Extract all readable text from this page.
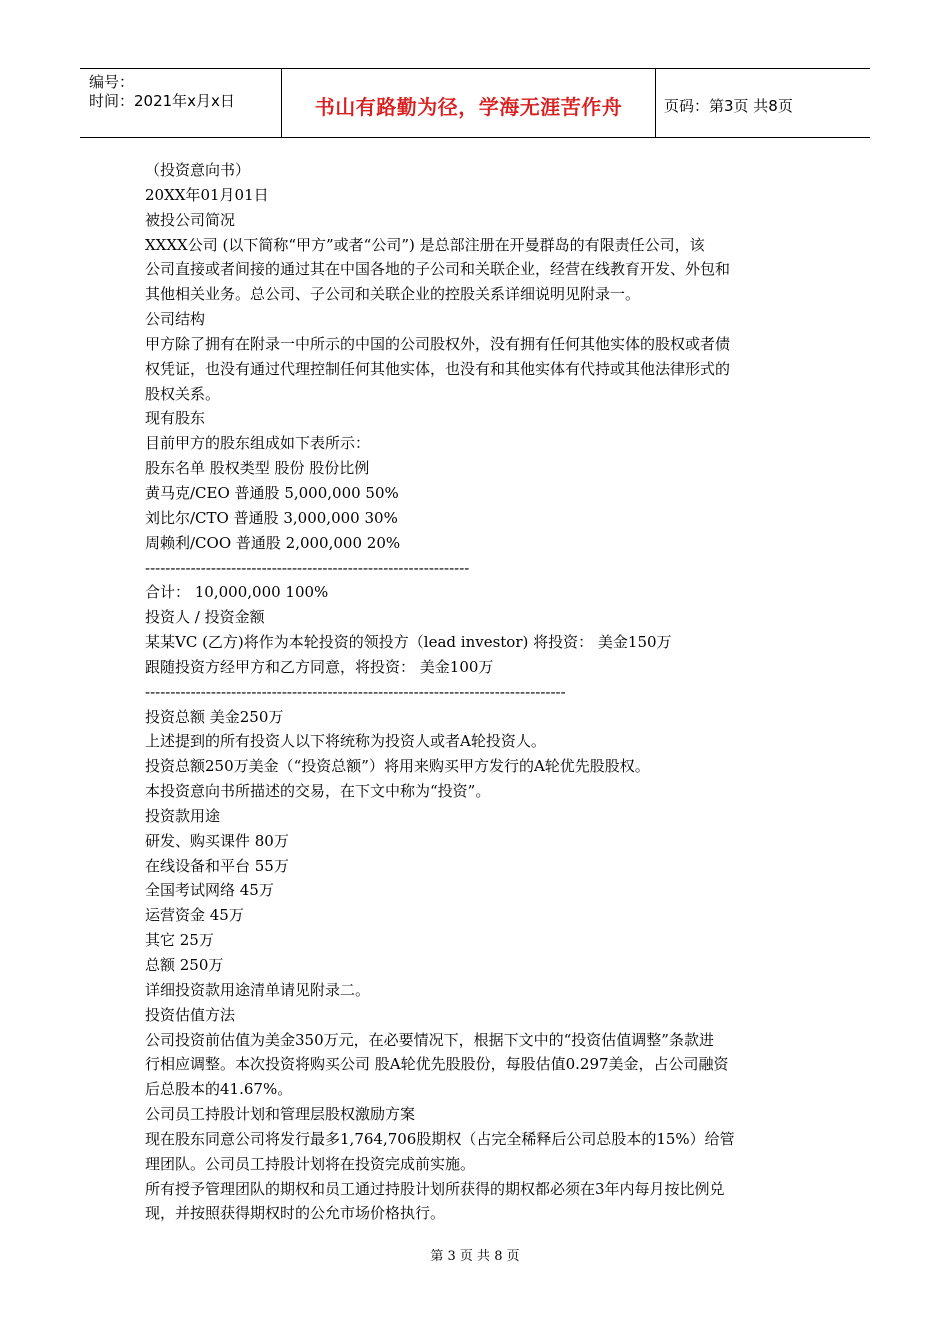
编号：
时间：2021年x月x日	书山有路勤为径，学海无涯苦作舟	页码：第3页 共8页
（投资意向书）
20XX年01月01日
被投公司简况
XXXX公司 (以下简称“甲方”或者“公司”) 是总部注册在开曼群岛的有限责任公司，该
公司直接或者间接的通过其在中国各地的子公司和关联企业，经营在线教育开发、外包和
其他相关业务。总公司、子公司和关联企业的控股关系详细说明见附录一。
公司结构
甲方除了拥有在附录一中所示的中国的公司股权外，没有拥有任何其他实体的股权或者债
权凭证，也没有通过代理控制任何其他实体，也没有和其他实体有代持或其他法律形式的
股权关系。
现有股东
目前甲方的股东组成如下表所示：
股东名单 股权类型 股份 股份比例
黄马克/CEO 普通股 5,000,000 50%
刘比尔/CTO 普通股 3,000,000 30%
周赖利/COO 普通股 2,000,000 20%
----------------------------------------------------------------
合计： 10,000,000 100%
投资人 / 投资金额
某某VC (乙方)将作为本轮投资的领投方（lead investor) 将投资： 美金150万
跟随投资方经甲方和乙方同意，将投资： 美金100万
-----------------------------------------------------------------------------------
投资总额 美金250万
上述提到的所有投资人以下将统称为投资人或者A轮投资人。
投资总额250万美金（“投资总额”）将用来购买甲方发行的A轮优先股股权。
本投资意向书所描述的交易，在下文中称为“投资”。
投资款用途
研发、购买课件 80万
在线设备和平台 55万
全国考试网络 45万
运营资金 45万
其它 25万
总额 250万
详细投资款用途清单请见附录二。
投资估值方法
公司投资前估值为美金350万元，在必要情况下，根据下文中的“投资估值调整”条款进
行相应调整。本次投资将购买公司 股A轮优先股股份，每股估值0.297美金，占公司融资
后总股本的41.67%。
公司员工持股计划和管理层股权激励方案
现在股东同意公司将发行最多1,764,706股期权（占完全稀释后公司总股本的15%）给管
理团队。公司员工持股计划将在投资完成前实施。
所有授予管理团队的期权和员工通过持股计划所获得的期权都必须在3年内每月按比例兑
现，并按照获得期权时的公允市场价格执行。
第 3 页 共 8 页
